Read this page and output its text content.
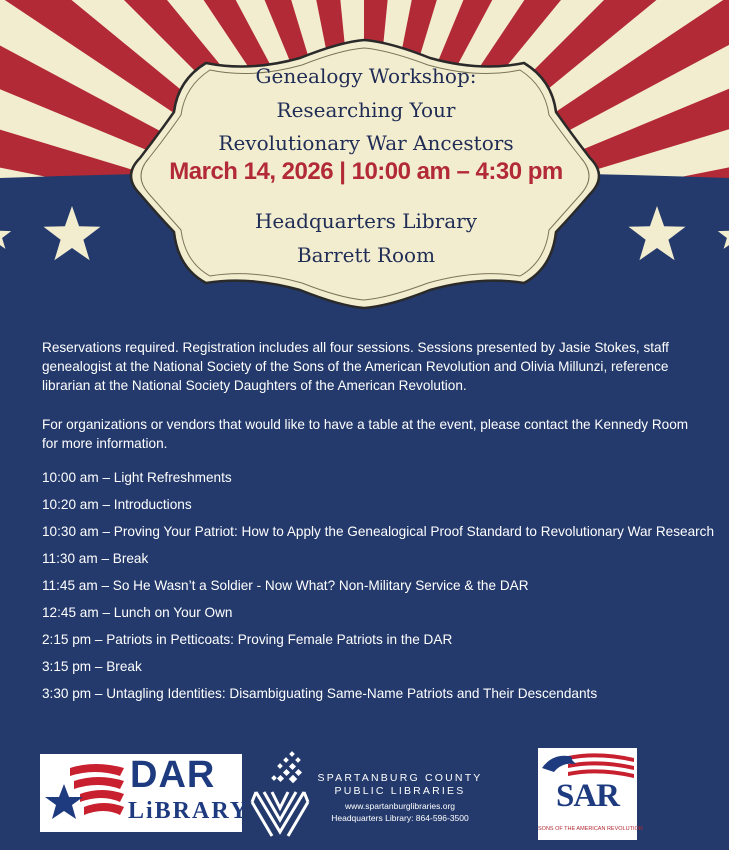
Genealogy Workshop:
Researching Your
Revolutionary War Ancestors
March 14, 2026 | 10:00 am – 4:30 pm
Headquarters Library
Barrett Room

Reservations required. Registration includes all four sessions. Sessions presented by Jasie Stokes, staff genealogist at the National Society of the Sons of the American Revolution and Olivia Millunzi, reference librarian at the National Society Daughters of the American Revolution.

For organizations or vendors that would like to have a table at the event, please contact the Kennedy Room for more information.

10:00 am – Light Refreshments
10:20 am – Introductions
10:30 am – Proving Your Patriot: How to Apply the Genealogical Proof Standard to Revolutionary War Research
11:30 am – Break
11:45 am – So He Wasn’t a Soldier - Now What? Non-Military Service & the DAR
12:45 am – Lunch on Your Own
2:15 pm – Patriots in Petticoats: Proving Female Patriots in the DAR
3:15 pm – Break
3:30 pm – Untagling Identities: Disambiguating Same-Name Patriots and Their Descendants
DAR
LiBRARY
SPARTANBURG COUNTY
PUBLIC LIBRARIES
www.spartanburglibraries.org
Headquarters Library: 864-596-3500
SAR
SONS OF THE AMERICAN REVOLUTION
